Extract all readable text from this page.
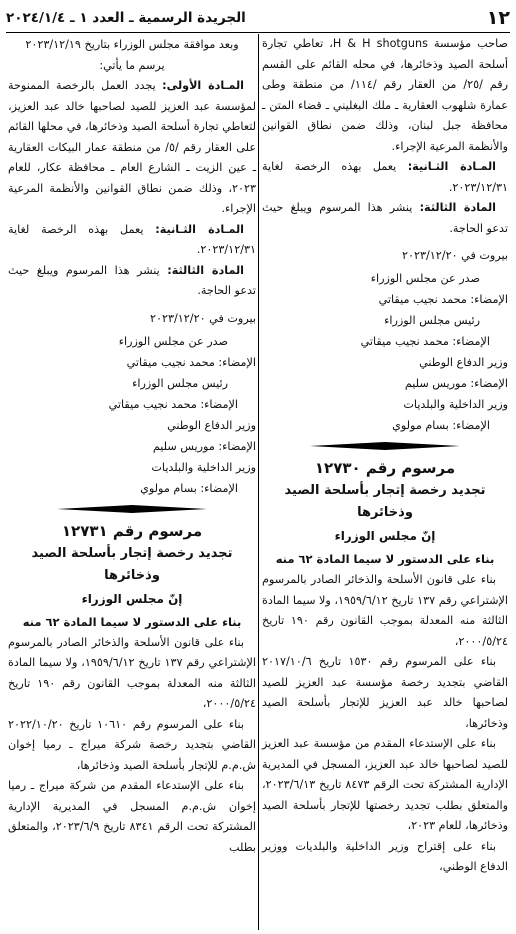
١٢
الجريدة الرسمية ـ العدد ١ ـ ٢٠٢٤/١/٤

صاحب مؤسسة H & H shotguns، تعاطي تجارة أسلحة الصيد وذخائرها، في محله القائم على القسم رقم /٢٥/ من العقار رقم /١١٤/ من منطقة وطى عمارة شلهوب العقارية ـ ملك البغليني ـ قضاء المتن ـ محافظة جبل لبنان، وذلك ضمن نطاق القوانين والأنظمة المرعية الإجراء.

المـادة الثـانية: يعمل بهذه الرخصة لغاية ٢٠٢٣/١٢/٣١.

المادة الثالثة: ينشر هذا المرسوم ويبلغ حيث تدعو الحاجة.

بيروت في ٢٠٢٣/١٢/٢٠

صدر عن مجلس الوزراء

الإمضاء: محمد نجيب ميقاتي

رئيس مجلس الوزراء

الإمضاء: محمد نجيب ميقاتي

وزير الدفاع الوطني

الإمضاء: موريس سليم

وزير الداخلية والبلديات

الإمضاء: بسام مولوي

مرسوم رقم ١٢٧٣٠

تجديد رخصة إتجار بأسلحة الصيد وذخائرها

إنّ مجلس الوزراء

بناء على الدستور لا سيما المادة ٦٢ منه

بناء على قانون الأسلحة والذخائر الصادر بالمرسوم الإشتراعي رقم ١٣٧ تاريخ ١٩٥٩/٦/١٢، ولا سيما المادة الثالثة منه المعدلة بموجب القانون رقم ١٩٠ تاريخ ٢٠٠٠/٥/٢٤،

بناء على المرسوم رقم ١٥٣٠ تاريخ ٢٠١٧/١٠/٦ القاضي بتجديد رخصة مؤسسة عبد العزيز للصيد لصاحبها خالد عبد العزيز للإتجار بأسلحة الصيد وذخائرها،

بناء على الإستدعاء المقدم من مؤسسة عبد العزيز للصيد لصاحبها خالد عبد العزيز، المسجل في المديرية الإدارية المشتركة تحت الرقم ٨٤٧٣ تاريخ ٢٠٢٣/٦/١٣، والمتعلق بطلب تجديد رخصتها للإتجار بأسلحة الصيد وذخائرها، للعام ٢٠٢٣،

بناء على إقتراح وزير الداخلية والبلديات ووزير الدفاع الوطني،

وبعد موافقة مجلس الوزراء بتاريخ ٢٠٢٣/١٢/١٩

يرسم ما يأتي:

المـادة الأولى: يجدد العمل بالرخصة الممنوحة لمؤسسة عبد العزيز للصيد لصاحبها خالد عبد العزيز، لتعاطي تجارة أسلحة الصيد وذخائرها، في محلها القائم على العقار رقم /٥/ من منطقة عمار البيكات العقارية ـ عين الزيت ـ الشارع العام ـ محافظة عكار، للعام ٢٠٢٣، وذلك ضمن نطاق القوانين والأنظمة المرعية الإجراء.

المـادة الثـانية: يعمل بهذه الرخصة لغاية ٢٠٢٣/١٢/٣١.

المادة الثالثة: ينشر هذا المرسوم ويبلغ حيث تدعو الحاجة.

بيروت في ٢٠٢٣/١٢/٢٠

صدر عن مجلس الوزراء

الإمضاء: محمد نجيب ميقاتي

رئيس مجلس الوزراء

الإمضاء: محمد نجيب ميقاتي

وزير الدفاع الوطني

الإمضاء: موريس سليم

وزير الداخلية والبلديات

الإمضاء: بسام مولوي

مرسوم رقم ١٢٧٣١

تجديد رخصة إتجار بأسلحة الصيد وذخائرها

إنّ مجلس الوزراء

بناء على الدستور لا سيما المادة ٦٢ منه

بناء على قانون الأسلحة والذخائر الصادر بالمرسوم الإشتراعي رقم ١٣٧ تاريخ ١٩٥٩/٦/١٢، ولا سيما المادة الثالثة منه المعدلة بموجب القانون رقم ١٩٠ تاريخ ٢٠٠٠/٥/٢٤،

بناء على المرسوم رقم ١٠٦١٠ تاريخ ٢٠٢٢/١٠/٢٠ القاضي بتجديد رخصة شركة ميراج ـ رميا إخوان ش.م.م للإتجار بأسلحة الصيد وذخائرها،

بناء على الإستدعاء المقدم من شركة ميراج ـ رميا إخوان ش.م.م المسجل في المديرية الإدارية المشتركة تحت الرقم ٨٣٤١ تاريخ ٢٠٢٣/٦/٩، والمتعلق بطلب
